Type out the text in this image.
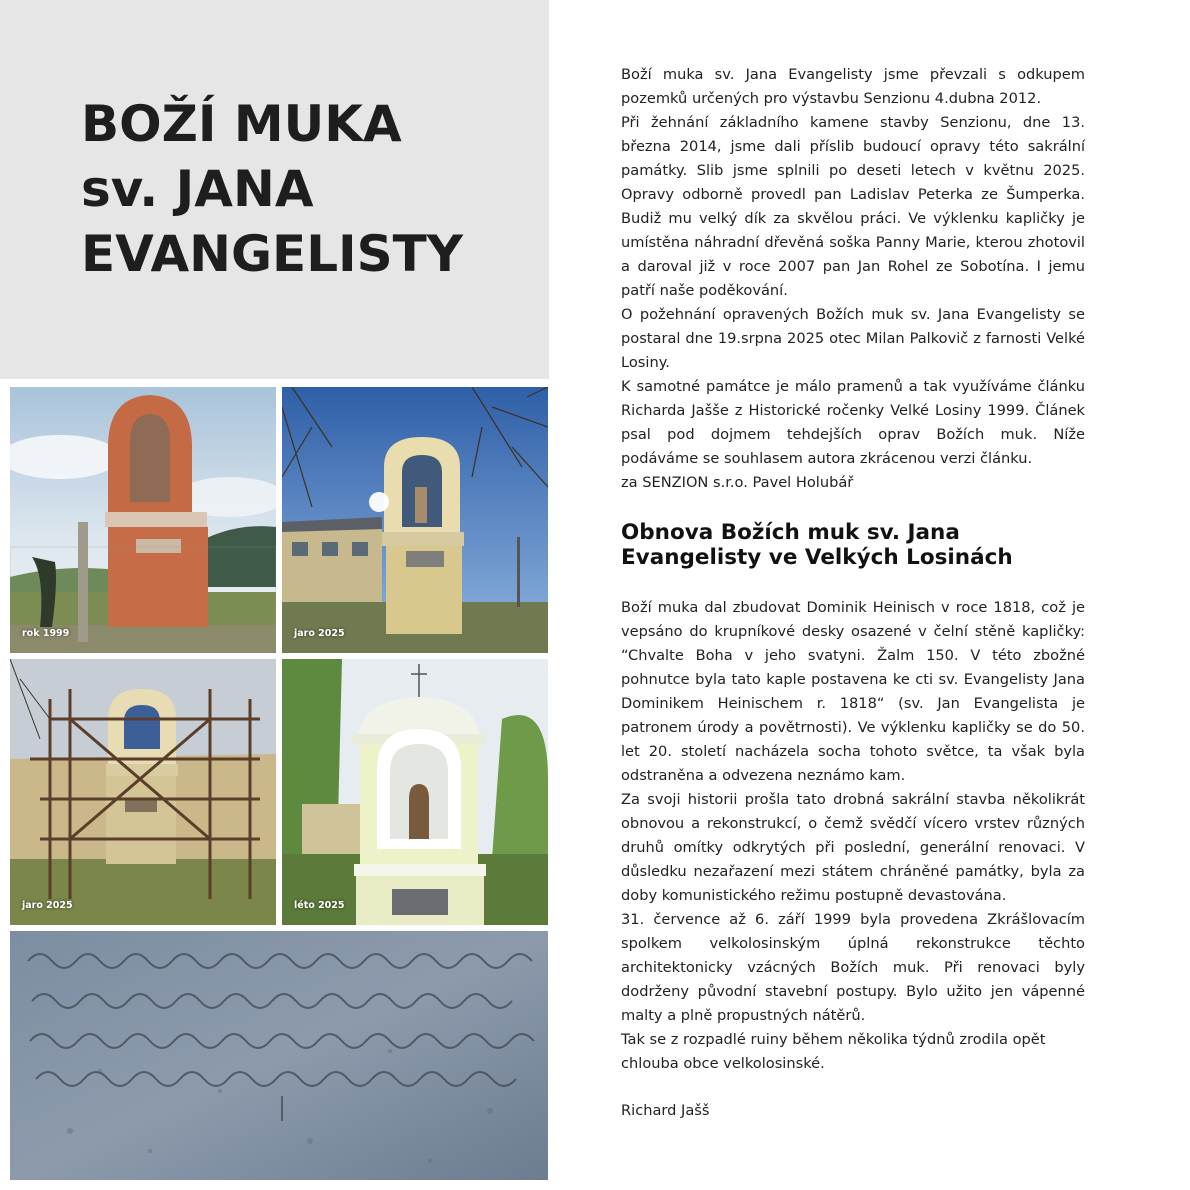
BOŽÍ MUKA
sv. JANA
EVANGELISTY
rok 1999	jaro 2025
jaro 2025	léto 2025

Boží muka sv. Jana Evangelisty jsme převzali s odkupem pozemků určených pro výstavbu Senzionu 4.dubna 2012.

Při žehnání základního kamene stavby Senzionu, dne 13. března 2014, jsme dali příslib budoucí opravy této sakrální památky. Slib jsme splnili po deseti letech v květnu 2025. Opravy odborně provedl pan Ladislav Peterka ze Šumperka. Budiž mu velký dík za skvělou práci. Ve výklenku kapličky je umístěna náhradní dřevěná soška Panny Marie, kterou zhotovil a daroval již v roce 2007 pan Jan Rohel ze Sobotína. I jemu patří naše poděkování.

O požehnání opravených Božích muk sv. Jana Evangelisty se postaral dne 19.srpna 2025 otec Milan Palkovič z farnosti Velké Losiny.

K samotné památce je málo pramenů a tak využíváme článku Richarda Jašše z Historické ročenky Velké Losiny 1999. Článek psal pod dojmem tehdejších oprav Božích muk. Níže podáváme se souhlasem autora zkrácenou verzi článku.

za SENZION s.r.o. Pavel Holubář

Obnova Božích muk sv. Jana Evangelisty ve Velkých Losinách

Boží muka dal zbudovat Dominik Heinisch v roce 1818, což je vepsáno do krupníkové desky osazené v čelní stěně kapličky: “Chvalte Boha v jeho svatyni. Žalm 150. V této zbožné pohnutce byla tato kaple postavena ke cti sv. Evangelisty Jana Dominikem Heinischem r. 1818“ (sv. Jan Evangelista je patronem úrody a povětrnosti). Ve výklenku kapličky se do 50. let 20. století nacházela socha tohoto světce, ta však byla odstraněna a odvezena neznámo kam.

Za svoji historii prošla tato drobná sakrální stavba několikrát obnovou a rekonstrukcí, o čemž svědčí vícero vrstev různých druhů omítky odkrytých při poslední, generální renovaci. V důsledku nezařazení mezi státem chráněné památky, byla za doby komunistického režimu postupně devastována.

31. července až 6. září 1999 byla provedena Zkrášlovacím spolkem velkolosinským úplná rekonstrukce těchto architektonicky vzácných Božích muk. Při renovaci byly dodrženy původní stavební postupy. Bylo užito jen vápenné malty a plně propustných nátěrů.

Tak se z rozpadlé ruiny během několika týdnů zrodila opět chlouba obce velkolosinské.

Richard Jašš
